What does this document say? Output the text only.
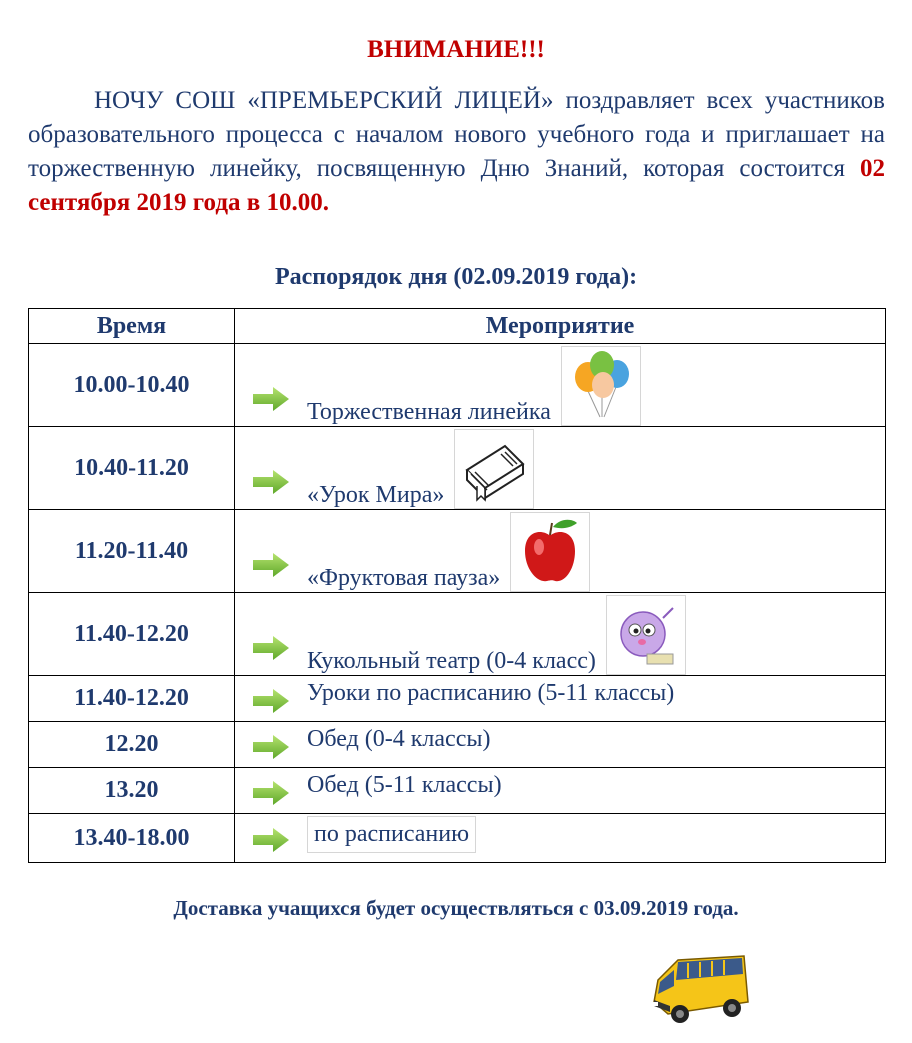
ВНИМАНИЕ!!!

НОЧУ СОШ «ПРЕМЬЕРСКИЙ ЛИЦЕЙ» поздравляет всех участников образовательного процесса с началом нового учебного года и приглашает на торжественную линейку, посвященную Дню Знаний, которая состоится 02 сентября 2019 года в 10.00.

Распорядок дня (02.09.2019 года):
Время	Мероприятие
10.00-10.40	Торжественная линейка

10.40-11.20	«Урок Мира»

11.20-11.40	«Фруктовая пауза»

11.40-12.20	Кукольный театр (0-4 класс)

11.40-12.20	Уроки по расписанию (5-11 классы)

12.20	Обед (0-4 классы)

13.20	Обед (5-11 классы)

13.40-18.00	по расписанию
Доставка учащихся будет осуществляться с 03.09.2019 года.
